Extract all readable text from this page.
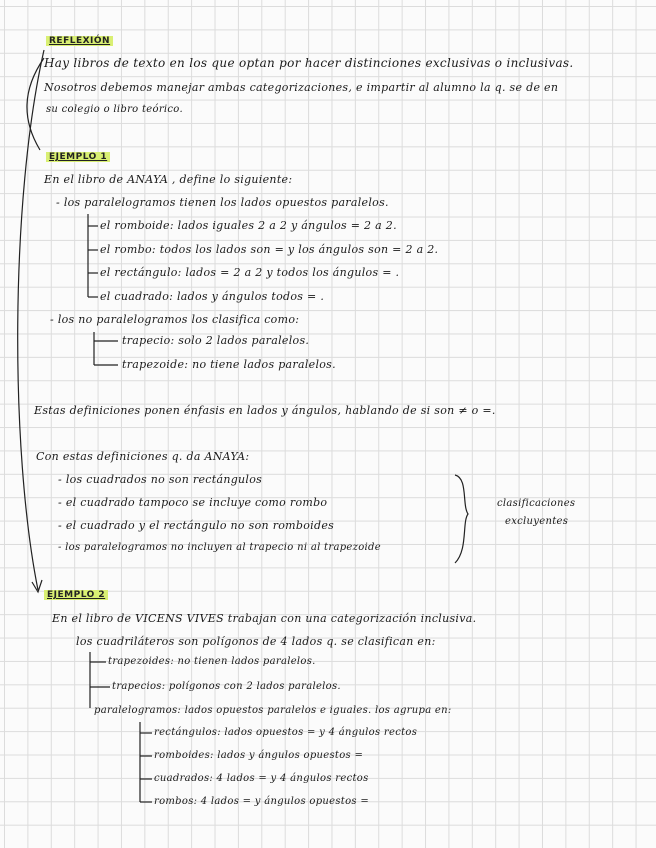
REFLEXIÓN
Hay libros de texto en los que optan por hacer distinciones exclusivas o inclusivas.
Nosotros debemos manejar ambas categorizaciones, e impartir al alumno la q. se de en
su colegio o libro teórico.
EJEMPLO 1
En el libro de ANAYA , define lo siguiente:
- los paralelogramos tienen los lados opuestos paralelos.
el romboide: lados iguales 2 a 2 y ángulos = 2 a 2.
el rombo: todos los lados son = y los ángulos son = 2 a 2.
el rectángulo: lados = 2 a 2 y todos los ángulos = .
el cuadrado: lados y ángulos todos = .
- los no paralelogramos los clasifica como:
trapecio: solo 2 lados paralelos.
trapezoide: no tiene lados paralelos.
Estas definiciones ponen énfasis en lados y ángulos, hablando de si son ≠ o =.
Con estas definiciones q. da ANAYA:
- los cuadrados no son rectángulos
- el cuadrado tampoco se incluye como rombo
- el cuadrado y el rectángulo no son romboides
- los paralelogramos no incluyen al trapecio ni al trapezoide
clasificaciones
excluyentes
EJEMPLO 2
En el libro de VICENS VIVES trabajan con una categorización inclusiva.
los cuadriláteros son polígonos de 4 lados q. se clasifican en:
trapezoides: no tienen lados paralelos.
trapecios: polígonos con 2 lados paralelos.
paralelogramos: lados opuestos paralelos e iguales. los agrupa en:
rectángulos: lados opuestos = y 4 ángulos rectos
romboides: lados y ángulos opuestos =
cuadrados: 4 lados = y 4 ángulos rectos
rombos: 4 lados = y ángulos opuestos =
